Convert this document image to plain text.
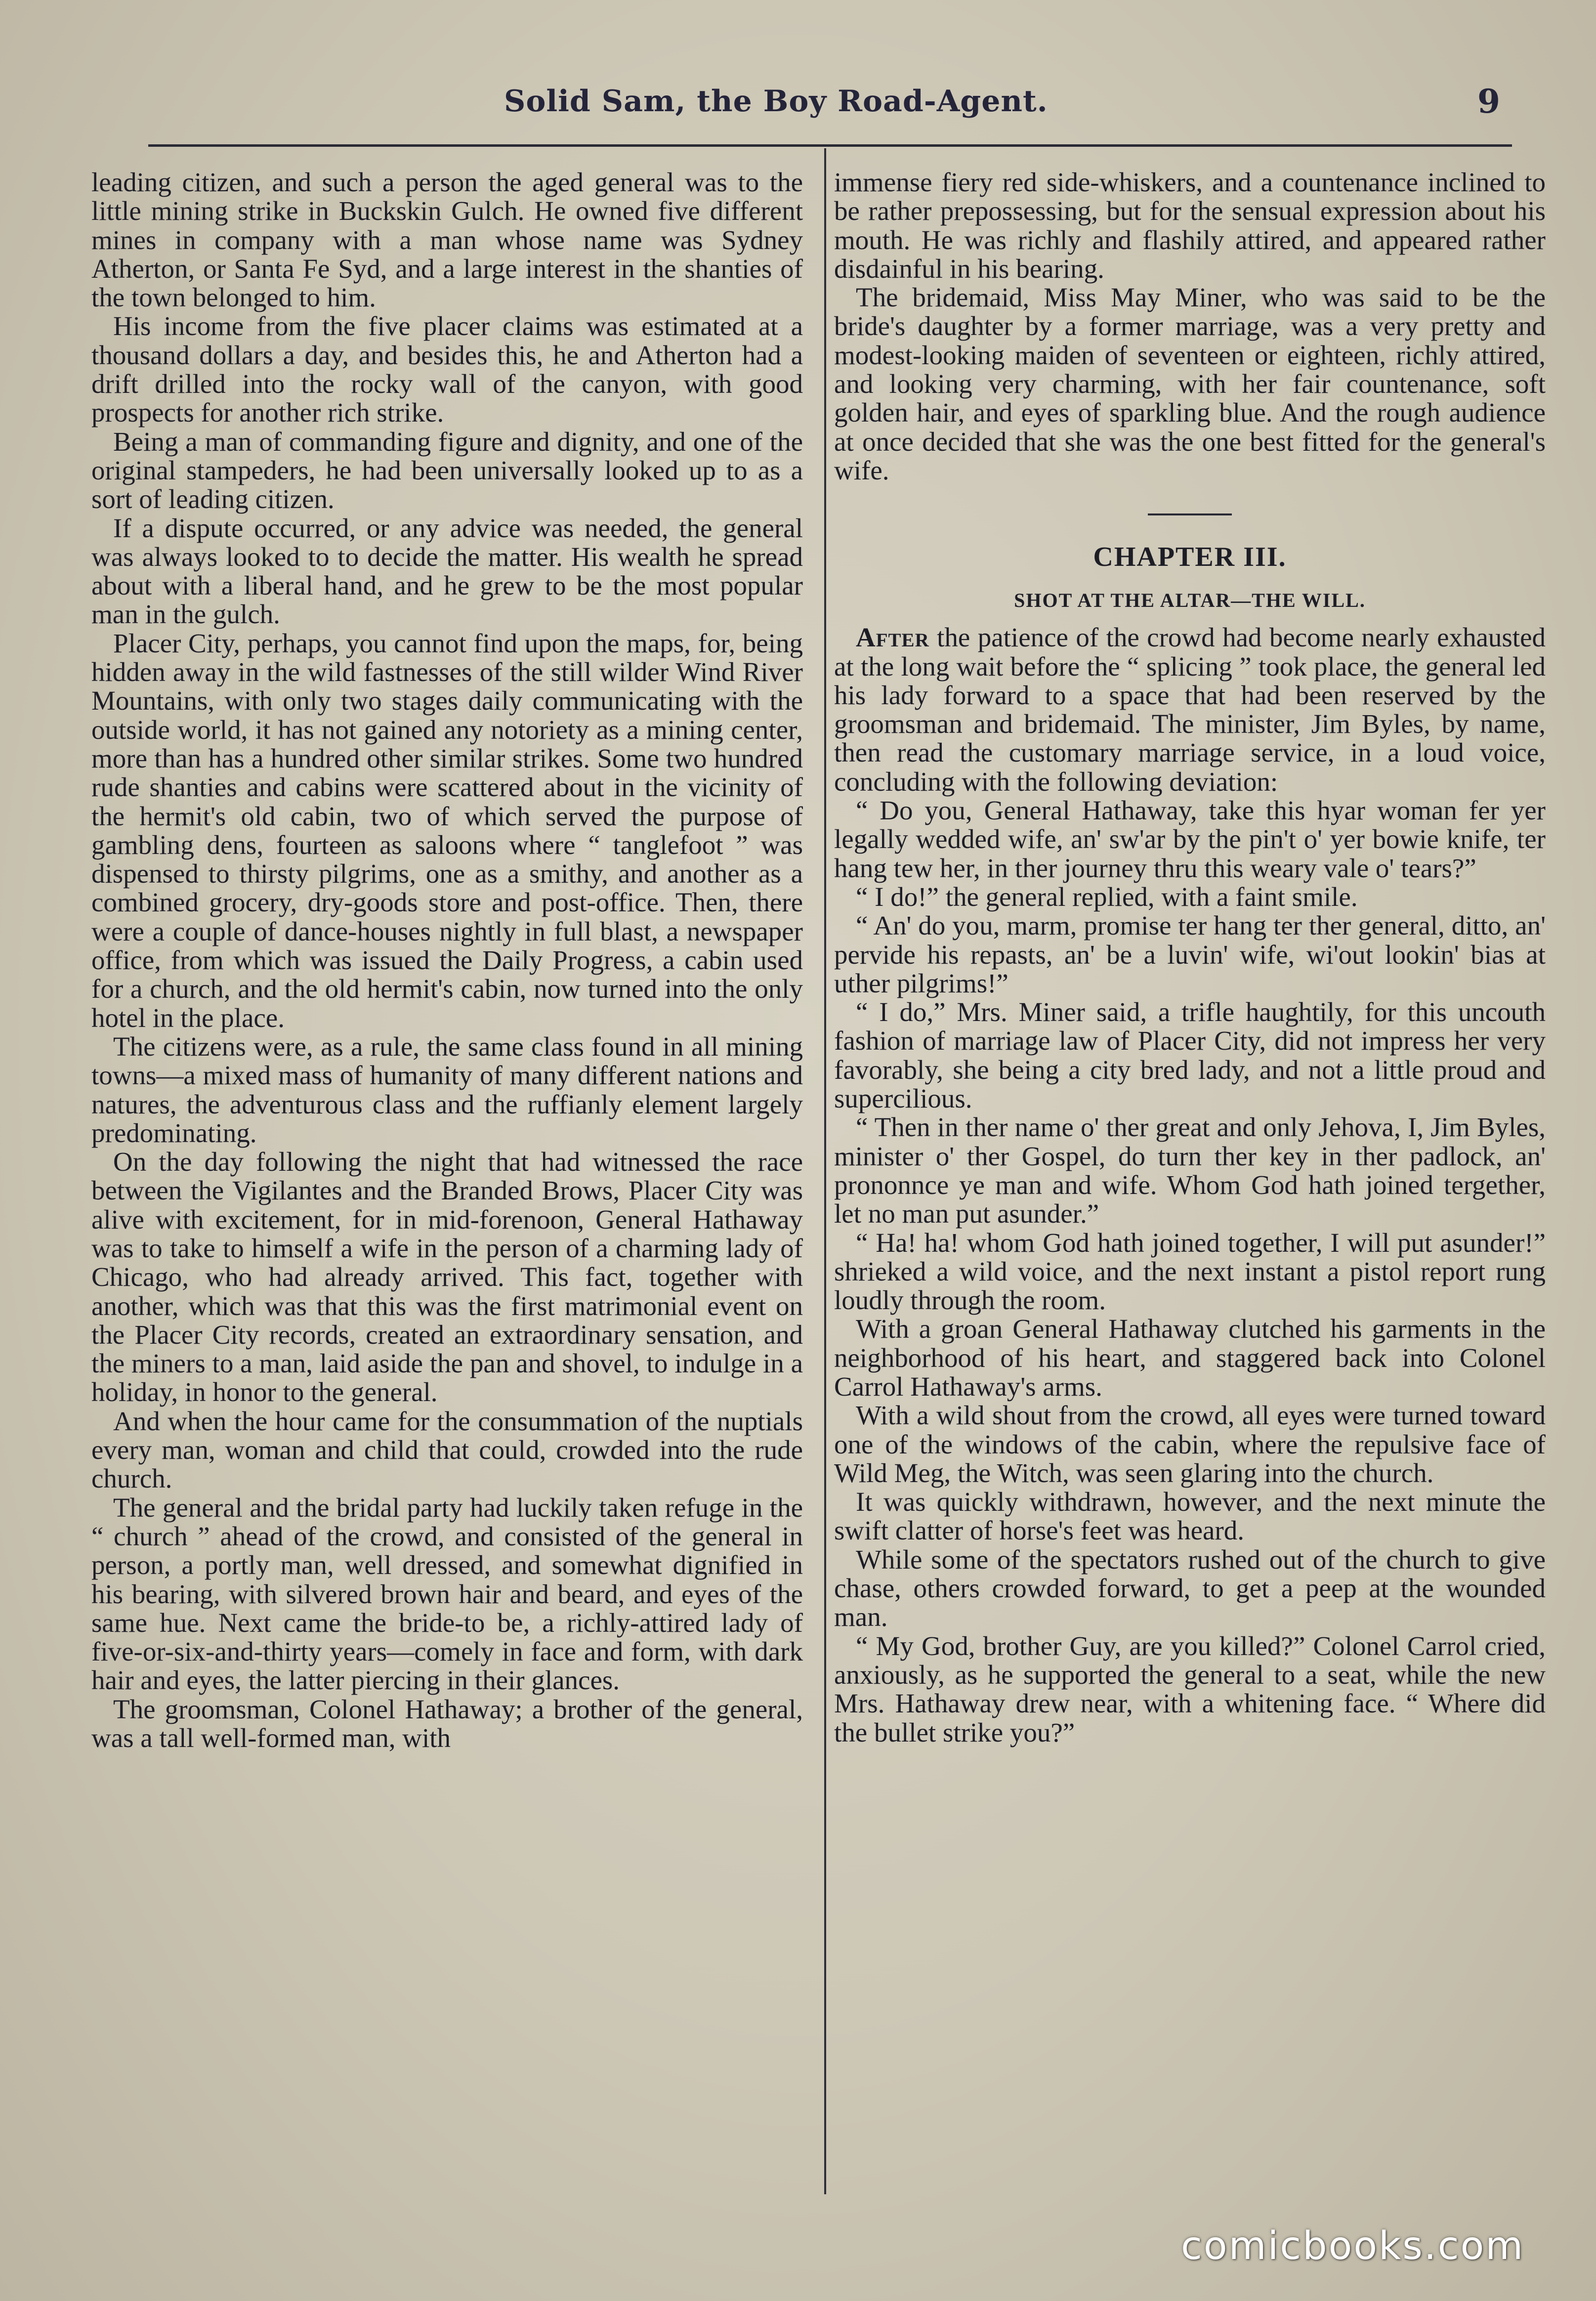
Solid Sam, the Boy Road-Agent.	9

leading citizen, and such a person the aged general was to the little mining strike in Buckskin Gulch. He owned five different mines in company with a man whose name was Sydney Atherton, or Santa Fe Syd, and a large interest in the shanties of the town belonged to him.

His income from the five placer claims was estimated at a thousand dollars a day, and besides this, he and Atherton had a drift drilled into the rocky wall of the canyon, with good prospects for another rich strike.

Being a man of commanding figure and dignity, and one of the original stampeders, he had been universally looked up to as a sort of leading citizen.

If a dispute occurred, or any advice was needed, the general was always looked to to decide the matter. His wealth he spread about with a liberal hand, and he grew to be the most popular man in the gulch.

Placer City, perhaps, you cannot find upon the maps, for, being hidden away in the wild fastnesses of the still wilder Wind River Mountains, with only two stages daily communicating with the outside world, it has not gained any notoriety as a mining center, more than has a hundred other similar strikes. Some two hundred rude shanties and cabins were scattered about in the vicinity of the hermit's old cabin, two of which served the purpose of gambling dens, fourteen as saloons where “ tanglefoot ” was dispensed to thirsty pilgrims, one as a smithy, and another as a combined grocery, dry-goods store and post-office. Then, there were a couple of dance-houses nightly in full blast, a newspaper office, from which was issued the Daily Progress, a cabin used for a church, and the old hermit's cabin, now turned into the only hotel in the place.

The citizens were, as a rule, the same class found in all mining towns—a mixed mass of humanity of many different nations and natures, the adventurous class and the ruffianly element largely predominating.

On the day following the night that had witnessed the race between the Vigilantes and the Branded Brows, Placer City was alive with excitement, for in mid-forenoon, General Hathaway was to take to himself a wife in the person of a charming lady of Chicago, who had already arrived. This fact, together with another, which was that this was the first matrimonial event on the Placer City records, created an extraordinary sensation, and the miners to a man, laid aside the pan and shovel, to indulge in a holiday, in honor to the general.

And when the hour came for the consummation of the nuptials every man, woman and child that could, crowded into the rude church.

The general and the bridal party had luckily taken refuge in the “ church ” ahead of the crowd, and consisted of the general in person, a portly man, well dressed, and somewhat dignified in his bearing, with silvered brown hair and beard, and eyes of the same hue. Next came the bride-to be, a richly-attired lady of five-or-six-and-thirty years—comely in face and form, with dark hair and eyes, the latter piercing in their glances.

The groomsman, Colonel Hathaway; a brother of the general, was a tall well-formed man, with

immense fiery red side-whiskers, and a countenance inclined to be rather prepossessing, but for the sensual expression about his mouth. He was richly and flashily attired, and appeared rather disdainful in his bearing.

The bridemaid, Miss May Miner, who was said to be the bride's daughter by a former marriage, was a very pretty and modest-looking maiden of seventeen or eighteen, richly attired, and looking very charming, with her fair countenance, soft golden hair, and eyes of sparkling blue. And the rough audience at once decided that she was the one best fitted for the general's wife.

CHAPTER III.
SHOT AT THE ALTAR—THE WILL.

After the patience of the crowd had become nearly exhausted at the long wait before the “ splicing ” took place, the general led his lady forward to a space that had been reserved by the groomsman and bridemaid. The minister, Jim Byles, by name, then read the customary marriage service, in a loud voice, concluding with the following deviation:

“ Do you, General Hathaway, take this hyar woman fer yer legally wedded wife, an' sw'ar by the pin't o' yer bowie knife, ter hang tew her, in ther journey thru this weary vale o' tears?”

“ I do!” the general replied, with a faint smile.

“ An' do you, marm, promise ter hang ter ther general, ditto, an' pervide his repasts, an' be a luvin' wife, wi'out lookin' bias at uther pilgrims!”

“ I do,” Mrs. Miner said, a trifle haughtily, for this uncouth fashion of marriage law of Placer City, did not impress her very favorably, she being a city bred lady, and not a little proud and supercilious.

“ Then in ther name o' ther great and only Jehova, I, Jim Byles, minister o' ther Gospel, do turn ther key in ther padlock, an' prononnce ye man and wife. Whom God hath joined tergether, let no man put asunder.”

“ Ha! ha! whom God hath joined together, I will put asunder!” shrieked a wild voice, and the next instant a pistol report rung loudly through the room.

With a groan General Hathaway clutched his garments in the neighborhood of his heart, and staggered back into Colonel Carrol Hathaway's arms.

With a wild shout from the crowd, all eyes were turned toward one of the windows of the cabin, where the repulsive face of Wild Meg, the Witch, was seen glaring into the church.

It was quickly withdrawn, however, and the next minute the swift clatter of horse's feet was heard.

While some of the spectators rushed out of the church to give chase, others crowded forward, to get a peep at the wounded man.

“ My God, brother Guy, are you killed?” Colonel Carrol cried, anxiously, as he supported the general to a seat, while the new Mrs. Hathaway drew near, with a whitening face. “ Where did the bullet strike you?”

comicbooks.com
